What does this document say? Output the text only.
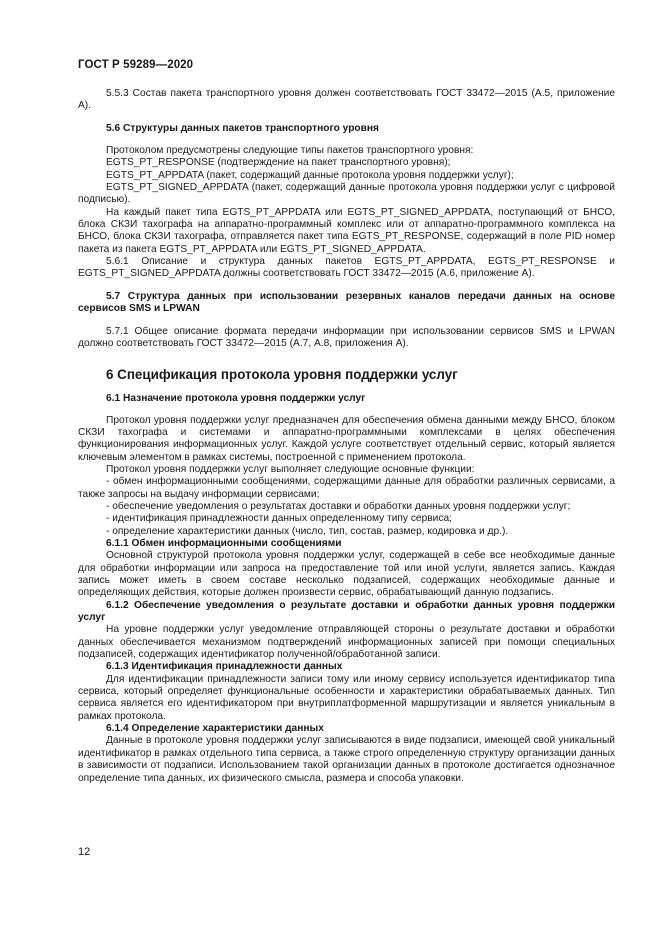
ГОСТ Р 59289—2020

5.5.3 Состав пакета транспортного уровня должен соответствовать ГОСТ 33472—2015 (А.5, приложение А).

5.6 Структуры данных пакетов транспортного уровня

Протоколом предусмотрены следующие типы пакетов транспортного уровня:

EGTS_PT_RESPONSE (подтверждение на пакет транспортного уровня);

EGTS_PT_APPDATA (пакет, содержащий данные протокола уровня поддержки услуг);

EGTS_PT_SIGNED_APPDATA (пакет, содержащий данные протокола уровня поддержки услуг с цифровой подписью).

На каждый пакет типа EGTS_PT_APPDATA или EGTS_PT_SIGNED_APPDATA, поступающий от БНСО, блока СКЗИ тахографа на аппаратно-программный комплекс или от аппаратно-программного комплекса на БНСО, блока СКЗИ тахографа, отправляется пакет типа EGTS_PT_RESPONSE, содержащий в поле PID номер пакета из пакета EGTS_PT_APPDATA или EGTS_PT_SIGNED_APPDATA.

5.6.1 Описание и структура данных пакетов EGTS_PT_APPDATA, EGTS_PT_RESPONSE и EGTS_PT_SIGNED_APPDATA должны соответствовать ГОСТ 33472—2015 (А.6, приложение А).

5.7 Структура данных при использовании резервных каналов передачи данных на основе сервисов SMS и LPWAN

5.7.1 Общее описание формата передачи информации при использовании сервисов SMS и LPWAN должно соответствовать ГОСТ 33472—2015 (А.7, А.8, приложения А).

6 Спецификация протокола уровня поддержки услуг

6.1 Назначение протокола уровня поддержки услуг

Протокол уровня поддержки услуг предназначен для обеспечения обмена данными между БНСО, блоком СКЗИ тахографа и системами и аппаратно-программными комплексами в целях обеспечения функционирования информационных услуг. Каждой услуге соответствует отдельный сервис, который является ключевым элементом в рамках системы, построенной с применением протокола.

Протокол уровня поддержки услуг выполняет следующие основные функции:

- обмен информационными сообщениями, содержащими данные для обработки различных сервисами, а также запросы на выдачу информации сервисами;

- обеспечение уведомления о результатах доставки и обработки данных уровня поддержки услуг;

- идентификация принадлежности данных определенному типу сервиса;

- определение характеристики данных (число, тип, состав, размер, кодировка и др.).

6.1.1 Обмен информационными сообщениями

Основной структурой протокола уровня поддержки услуг, содержащей в себе все необходимые данные для обработки информации или запроса на предоставление той или иной услуги, является запись. Каждая запись может иметь в своем составе несколько подзаписей, содержащих необходимые данные и определяющих действия, которые должен произвести сервис, обрабатывающий данную подзапись.

6.1.2 Обеспечение уведомления о результате доставки и обработки данных уровня поддержки услуг

На уровне поддержки услуг уведомление отправляющей стороны о результате доставки и обработки данных обеспечивается механизмом подтверждений информационных записей при помощи специальных подзаписей, содержащих идентификатор полученной/обработанной записи.

6.1.3 Идентификация принадлежности данных

Для идентификации принадлежности записи тому или иному сервису используется идентификатор типа сервиса, который определяет функциональные особенности и характеристики обрабатываемых данных. Тип сервиса является его идентификатором при внутриплатформенной маршрутизации и является уникальным в рамках протокола.

6.1.4 Определение характеристики данных

Данные в протоколе уровня поддержки услуг записываются в виде подзаписи, имеющей свой уникальный идентификатор в рамках отдельного типа сервиса, а также строго определенную структуру организации данных в зависимости от подзаписи. Использованием такой организации данных в протоколе достигается однозначное определение типа данных, их физического смысла, размера и способа упаковки.

12
